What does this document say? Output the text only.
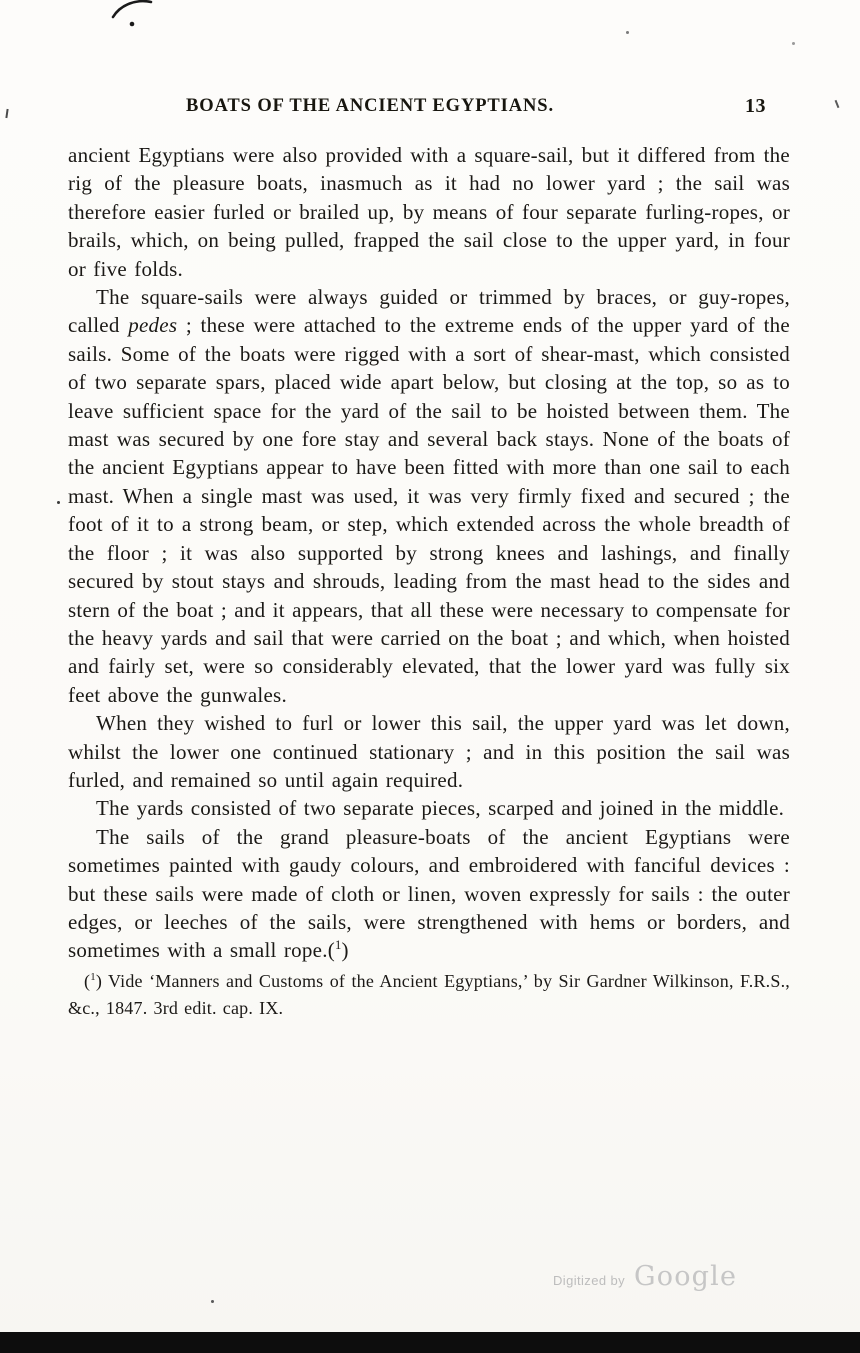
BOATS OF THE ANCIENT EGYPTIANS.	13

ancient Egyptians were also provided with a square-sail, but it differed from the rig of the pleasure boats, inasmuch as it had no lower yard ; the sail was therefore easier furled or brailed up, by means of four separate furling-ropes, or brails, which, on being pulled, frapped the sail close to the upper yard, in four or five folds.

The square-sails were always guided or trimmed by braces, or guy-ropes, called pedes ; these were attached to the extreme ends of the upper yard of the sails. Some of the boats were rigged with a sort of shear-mast, which consisted of two separate spars, placed wide apart below, but closing at the top, so as to leave sufficient space for the yard of the sail to be hoisted between them. The mast was secured by one fore stay and several back stays. None of the boats of the ancient Egyptians appear to have been fitted with more than one sail to each mast. When a single mast was used, it was very firmly fixed and secured ; the foot of it to a strong beam, or step, which extended across the whole breadth of the floor ; it was also supported by strong knees and lashings, and finally secured by stout stays and shrouds, leading from the mast head to the sides and stern of the boat ; and it appears, that all these were necessary to compensate for the heavy yards and sail that were carried on the boat ; and which, when hoisted and fairly set, were so considerably elevated, that the lower yard was fully six feet above the gunwales.

When they wished to furl or lower this sail, the upper yard was let down, whilst the lower one continued stationary ; and in this position the sail was furled, and remained so until again required.

The yards consisted of two separate pieces, scarped and joined in the middle.

The sails of the grand pleasure-boats of the ancient Egyptians were sometimes painted with gaudy colours, and embroidered with fanciful devices : but these sails were made of cloth or linen, woven expressly for sails : the outer edges, or leeches of the sails, were strengthened with hems or borders, and sometimes with a small rope.($^1$)

($^1$) Vide ‘Manners and Customs of the Ancient Egyptians,’ by Sir Gardner Wilkinson, F.R.S., &c., 1847. 3rd edit. cap. IX.
Digitized by Google
